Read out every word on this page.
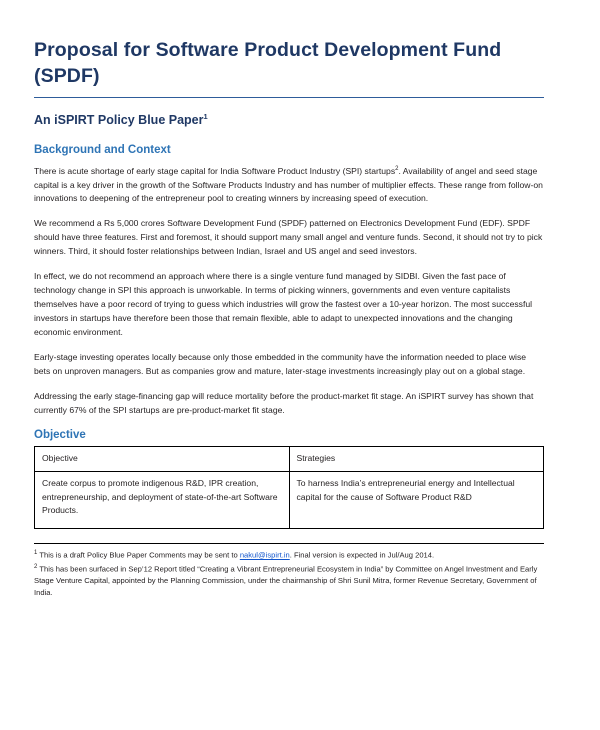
Proposal for Software Product Development Fund (SPDF)
An iSPIRT Policy Blue Paper$^1$
Background and Context

There is acute shortage of early stage capital for India Software Product Industry (SPI) startups$^2$. Availability of angel and seed stage capital is a key driver in the growth of the Software Products Industry and has number of multiplier effects. These range from follow-on innovations to deepening of the entrepreneur pool to creating winners by increasing speed of execution.

We recommend a Rs 5,000 crores Software Development Fund (SPDF) patterned on Electronics Development Fund (EDF). SPDF should have three features. First and foremost, it should support many small angel and venture funds. Second, it should not try to pick winners. Third, it should foster relationships between Indian, Israel and US angel and seed investors.

In effect, we do not recommend an approach where there is a single venture fund managed by SIDBI. Given the fast pace of technology change in SPI this approach is unworkable. In terms of picking winners, governments and even venture capitalists themselves have a poor record of trying to guess which industries will grow the fastest over a 10-year horizon. The most successful investors in startups have therefore been those that remain flexible, able to adapt to unexpected innovations and the changing economic environment.

Early-stage investing operates locally because only those embedded in the community have the information needed to place wise bets on unproven managers. But as companies grow and mature, later-stage investments increasingly play out on a global stage.

Addressing the early stage-financing gap will reduce mortality before the product-market fit stage. An iSPIRT survey has shown that currently 67% of the SPI startups are pre-product-market fit stage.

Objective
Objective	Strategies
Create corpus to promote indigenous R&D, IPR creation, entrepreneurship, and deployment of state-of-the-art Software Products.	To harness India’s entrepreneurial energy and Intellectual capital for the cause of Software Product R&D

$^1$ This is a draft Policy Blue Paper Comments may be sent to nakul@ispirt.in. Final version is expected in Jul/Aug 2014.

$^2$ This has been surfaced in Sep’12 Report titled “Creating a Vibrant Entrepreneurial Ecosystem in India” by Committee on Angel Investment and Early Stage Venture Capital, appointed by the Planning Commission, under the chairmanship of Shri Sunil Mitra, former Revenue Secretary, Government of India.
